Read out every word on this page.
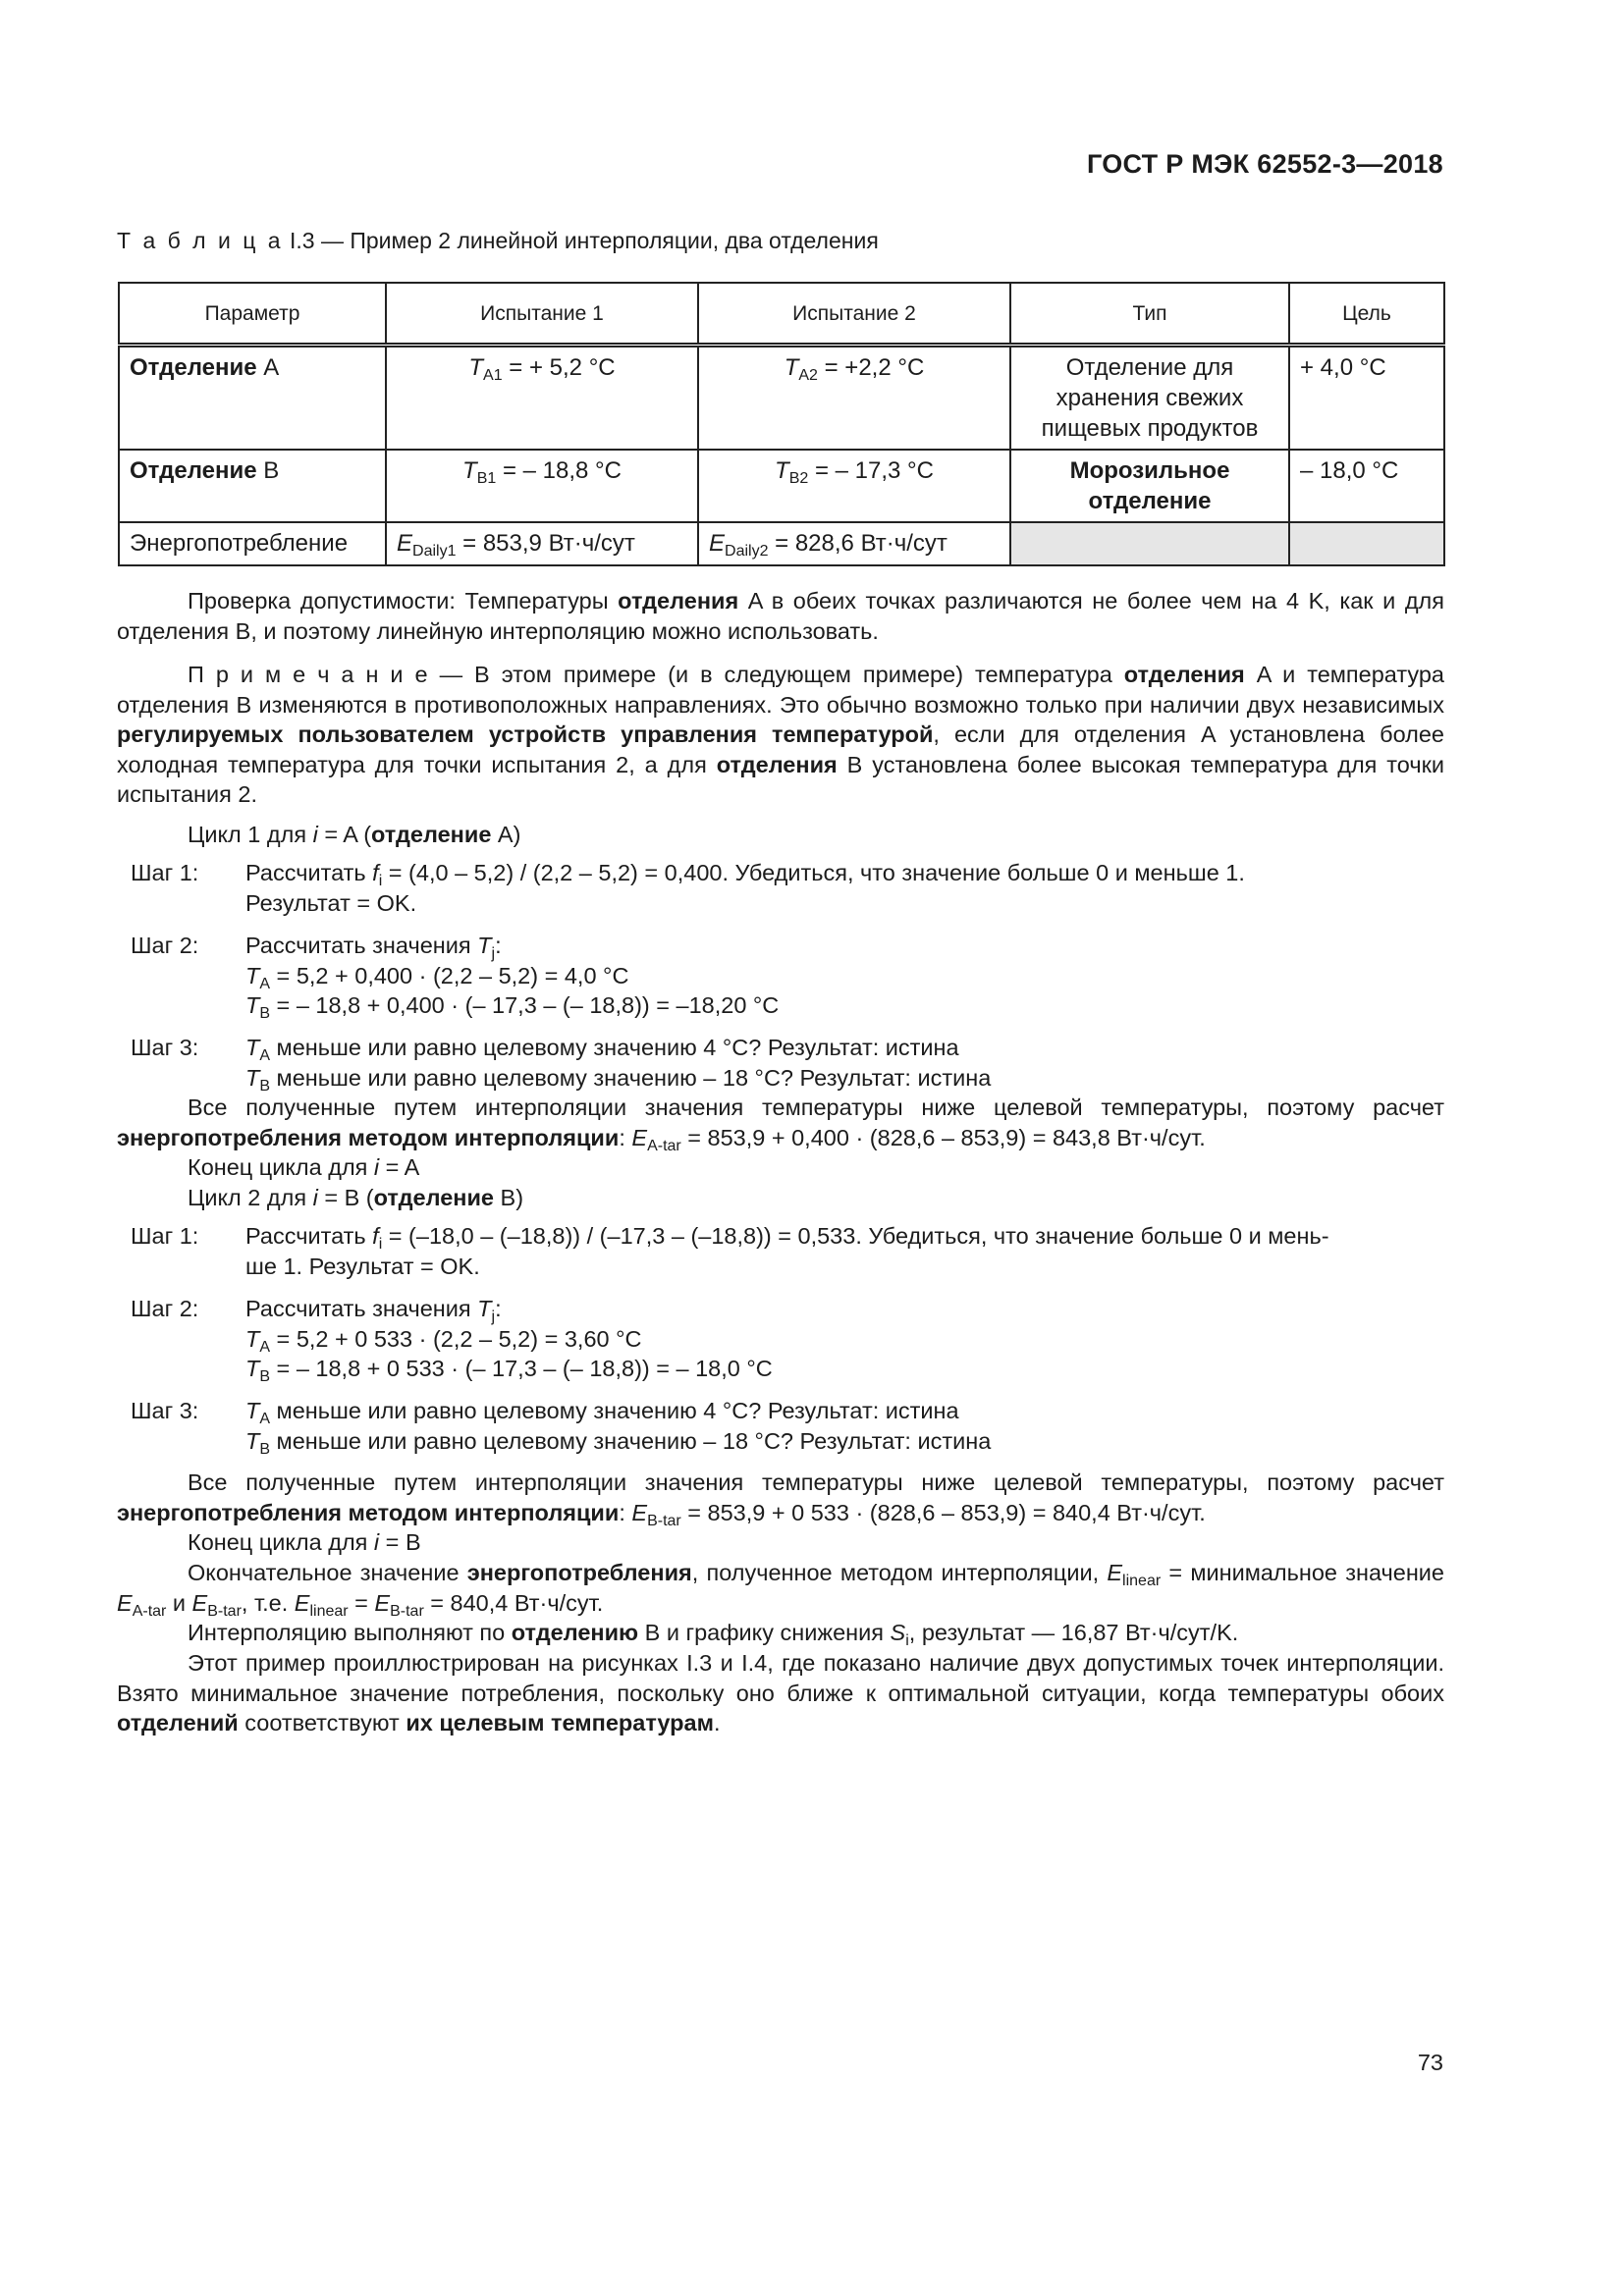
ГОСТ Р МЭК 62552-3—2018
Т а б л и ц а I.3 — Пример 2 линейной интерполяции, два отделения
Параметр	Испытание 1	Испытание 2	Тип	Цель
Отделение A	$T_{A1}$ = + 5,2 °C	$T_{A2} = +2,2$ °C	Отделение для хранения свежих пищевых продуктов	+ 4,0 °C
Отделение B	$T_{B1}$ = – 18,8 °C	$T_{B2}$ = – 17,3 °C	Морозильное отделение	– 18,0 °C
Энергопотребление	$E_{Daily1} = 853,9$ Вт·ч/сут	$E_{Daily2} = 828,6$ Вт·ч/сут		
Проверка допустимости: Температуры отделения A в обеих точках различаются не более чем на 4 K, как и для отделения B, и поэтому линейную интерполяцию можно использовать.
П р и м е ч а н и е — В этом примере (и в следующем примере) температура отделения A и температура отделения B изменяются в противоположных направлениях. Это обычно возможно только при наличии двух независимых регулируемых пользователем устройств управления температурой, если для отделения A установлена более холодная температура для точки испытания 2, а для отделения B установлена более высокая температура для точки испытания 2.
Цикл 1 для i = A (отделение A)
Шаг 1: Рассчитать $f_i = (4,0 - 5,2) / (2,2 - 5,2) = 0,400$. Убедиться, что значение больше 0 и меньше 1.
Результат = OK.
Шаг 2: Рассчитать значения $T_j$:
$T_A = 5,2 + 0,400 \cdot (2,2 - 5,2) = 4,0$ °C
$T_B$ = – 18,8 + 0,400 · (– 17,3 – (– 18,8)) = –18,20 °C
Шаг 3: $T_A$ меньше или равно целевому значению 4 °C? Результат: истина
$T_B$ меньше или равно целевому значению – 18 °C? Результат: истина
Все полученные путем интерполяции значения температуры ниже целевой температуры, поэтому расчет энергопотребления методом интерполяции: $E_{A-tar} = 853,9 + 0,400 \cdot (828,6 - 853,9) = 843,8$ Вт·ч/сут.
Конец цикла для i = A
Цикл 2 для i = B (отделение B)
Шаг 1: Рассчитать $f_i = (-18,0 - (-18,8)) / (-17,3 - (-18,8)) = 0,533$. Убедиться, что значение больше 0 и мень-
ше 1. Результат = OK.
Шаг 2: Рассчитать значения $T_j$:
$T_A = 5,2 + 0$ 533 · (2,2 – 5,2) = 3,60 °C
$T_B$ = – 18,8 + 0 533 · (– 17,3 – (– 18,8)) = – 18,0 °C
Шаг 3: $T_A$ меньше или равно целевому значению 4 °C? Результат: истина
$T_B$ меньше или равно целевому значению – 18 °C? Результат: истина
Все полученные путем интерполяции значения температуры ниже целевой температуры, поэтому расчет энергопотребления методом интерполяции: $E_{B-tar} = 853,9 + 0$ 533 · (828,6 – 853,9) = 840,4 Вт·ч/сут.
Конец цикла для i = B
Окончательное значение энергопотребления, полученное методом интерполяции, $E_{linear}$ = минимальное значение $E_{A-tar}$ и $E_{B-tar}$, т.е. $E_{linear} = E_{B-tar} = 840,4$ Вт·ч/сут.
Интерполяцию выполняют по отделению B и графику снижения $S_i$, результат — 16,87 Вт·ч/сут/K.
Этот пример проиллюстрирован на рисунках I.3 и I.4, где показано наличие двух допустимых точек интерполяции. Взято минимальное значение потребления, поскольку оно ближе к оптимальной ситуации, когда температуры обоих отделений соответствуют их целевым температурам.
73
